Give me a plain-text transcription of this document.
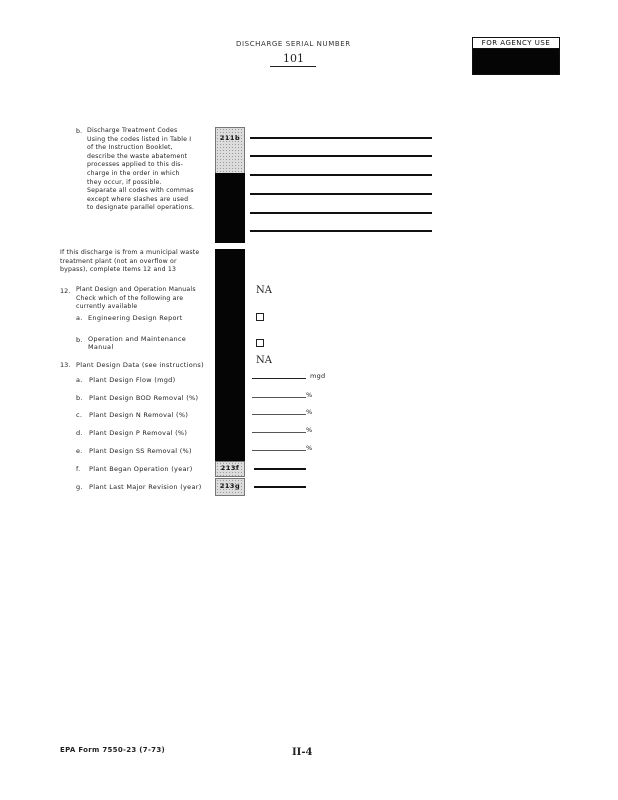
DISCHARGE SERIAL NUMBER
101
FOR AGENCY USE
b. Discharge Treatment Codes
Using the codes listed in Table I
of the Instruction Booklet,
describe the waste abatement
processes applied to this dis-
charge in the order in which
they occur, if possible.
Separate all codes with commas
except where slashes are used
to designate parallel operations.
211b
If this discharge is from a municipal waste
treatment plant (not an overflow or
bypass), complete Items 12 and 13
12. Plant Design and Operation Manuals
Check which of the following are
currently available
NA
a. Engineering Design Report
b. Operation and Maintenance
Manual
13. Plant Design Data (see instructions)	NA
a. Plant Design Flow (mgd)	mgd
b. Plant Design BOD Removal (%)	%
c. Plant Design N Removal (%)	%
d. Plant Design P Removal (%)	%
e. Plant Design SS Removal (%)	%
f. Plant Began Operation (year)	213f
g. Plant Last Major Revision (year)	213g
EPA Form 7550-23 (7-73)	II-4
